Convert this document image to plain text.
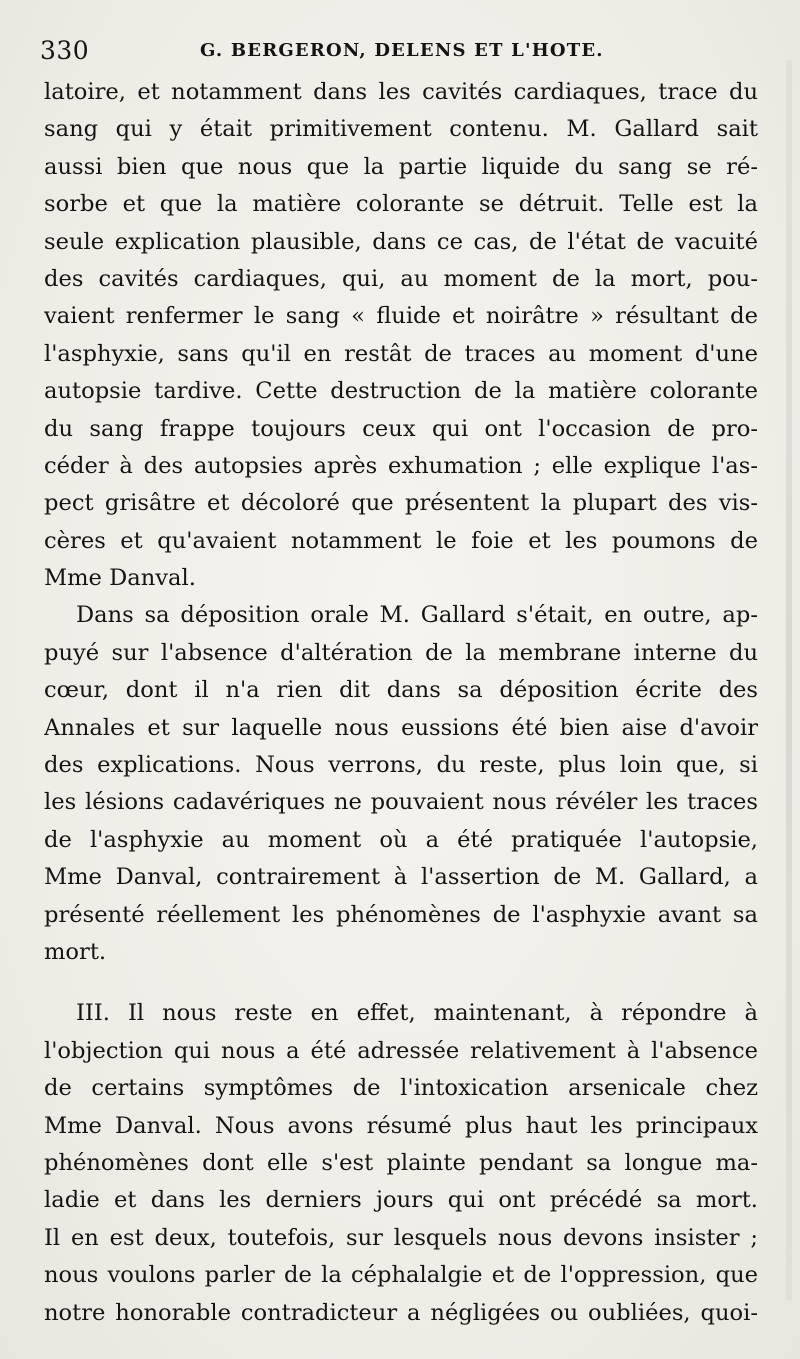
330	G. BERGERON, DELENS ET L'HOTE.
latoire, et notamment dans les cavités cardiaques, trace du
sang qui y était primitivement contenu. M. Gallard sait
aussi bien que nous que la partie liquide du sang se ré-
sorbe et que la matière colorante se détruit. Telle est la
seule explication plausible, dans ce cas, de l'état de vacuité
des cavités cardiaques, qui, au moment de la mort, pou-
vaient renfermer le sang « fluide et noirâtre » résultant de
l'asphyxie, sans qu'il en restât de traces au moment d'une
autopsie tardive. Cette destruction de la matière colorante
du sang frappe toujours ceux qui ont l'occasion de pro-
céder à des autopsies après exhumation ; elle explique l'as-
pect grisâtre et décoloré que présentent la plupart des vis-
cères et qu'avaient notamment le foie et les poumons de
Mme Danval.
Dans sa déposition orale M. Gallard s'était, en outre, ap-
puyé sur l'absence d'altération de la membrane interne du
cœur, dont il n'a rien dit dans sa déposition écrite des
Annales et sur laquelle nous eussions été bien aise d'avoir
des explications. Nous verrons, du reste, plus loin que, si
les lésions cadavériques ne pouvaient nous révéler les traces
de l'asphyxie au moment où a été pratiquée l'autopsie,
Mme Danval, contrairement à l'assertion de M. Gallard, a
présenté réellement les phénomènes de l'asphyxie avant sa
mort.
III. Il nous reste en effet, maintenant, à répondre à
l'objection qui nous a été adressée relativement à l'absence
de certains symptômes de l'intoxication arsenicale chez
Mme Danval. Nous avons résumé plus haut les principaux
phénomènes dont elle s'est plainte pendant sa longue ma-
ladie et dans les derniers jours qui ont précédé sa mort.
Il en est deux, toutefois, sur lesquels nous devons insister ;
nous voulons parler de la céphalalgie et de l'oppression, que
notre honorable contradicteur a négligées ou oubliées, quoi-
